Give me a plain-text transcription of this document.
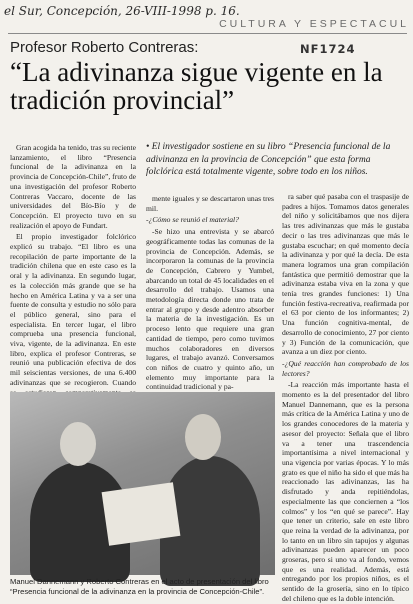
el Sur, Concepción, 26-VIII-1998 p. 16.
CULTURA Y ESPECTACUL
Profesor Roberto Contreras:	NF1724
“La adivinanza sigue vigente en la tradición provincial”
• El investigador sostiene en su libro “Presencia funcional de la adivinanza en la provincia de Concepción” que esta forma folclórica está totalmente vigente, sobre todo en los niños.

Gran acogida ha tenido, tras su reciente lanzamiento, el libro “Presencia funcional de la adivinanza en la provincia de Concepción-Chile”, fruto de una investigación del profesor Roberto Contreras Vaccaro, docente de las universidades del Bío-Bío y de Concepción. El proyecto tuvo en su realización el apoyo de Fundart.

El propio investigador folclórico explicó su trabajo. “El libro es una recopilación de parte importante de la tradición chilena que en este caso es la oral y la adivinanza. En segundo lugar, es la colección más grande que se ha hecho en América Latina y va a ser una fuente de consulta y estudio no sólo para el público general, sino para el especialista. En tercer lugar, el libro comprueba una presencia funcional, viva, vigente, de la adivinanza. En este libro, explica el profesor Contreras, se reunió una publicación efectiva de dos mil seiscientas versiones, de una 6.400 adivinanzas que se recogieron. Cuando

mente iguales y se descartaron unas tres mil.

-¿Cómo se reunió el material?

-Se hizo una entrevista y se abarcó geográficamente todas las comunas de la provincia de Concepción. Además, se incorporaron la comunas de la provincia de Concepción, Cabrero y Yumbel, abarcando un total de 45 localidades en el desarrollo del trabajo. Usamos una metodología directa donde uno trata de entrar al grupo y desde adentro absorber la materia de la investigación. Es un proceso lento que requiere una gran cantidad de tiempo, pero como tuvimos muchos colaboradores en diversos lugares, el trabajo avanzó. Conversamos con niños de cuatro y quinto año, un elemento muy importante para la continuidad tradicional y pa-

ra saber qué pasaba con el traspasije de padres a hijos. Tomamos datos generales del niño y solicitábamos que nos dijera las tres adivinanzas que más le gustaba decir o las tres adivinanzas que más le gustaba escuchar; en qué momento decía la adivinanza y por qué la decía. De esta manera logramos una gran compilación fantástica que permitió demostrar que la adivinanza estaba viva en la zona y que tenía tres grandes funciones: 1) Una función festiva-recreativa, reafirmada por el 63 por ciento de los informantes; 2) Una función cognitiva-mental, de desarrollo de conocimiento, 27 por ciento y 3) Función de la comunicación, que avanza a un diez por ciento.

-¿Qué reacción han comprobado de los lectores?

-La reacción más importante hasta el momento es la del presentador del libro Manuel Dannemann, que es la persona más crítica de la América Latina y uno de los grandes conocedores de la materia y asesor del proyecto: Señala que el libro va a tener una trascendencia importantísima a nivel internacional y una vigencia por varias épocas. Y lo más grato es que el niño ha sido el que más ha reaccionado las adivinanzas, las ha disfrutado y anda repitiéndolas, especialmente las que conciernen a “los colmos” y los “en qué se parece”. Hay que tener un criterio, sale en este libro que reina la verdad de la adivinanza, por lo tanto en un libro sin tapujos y algunas adivinanzas pueden aparecer un poco groseras, pero si uno va al fondo, vemos que es una realidad. Además, está entregando por los propios niños, es el sentido de la grosería, sino en lo típico del chileno que es la doble intención.

Manuel Dannemann y Roberto Contreras en el acto de presentación del libro “Presencia funcional de la adivinanza en la provincia de Concepción-Chile”.
